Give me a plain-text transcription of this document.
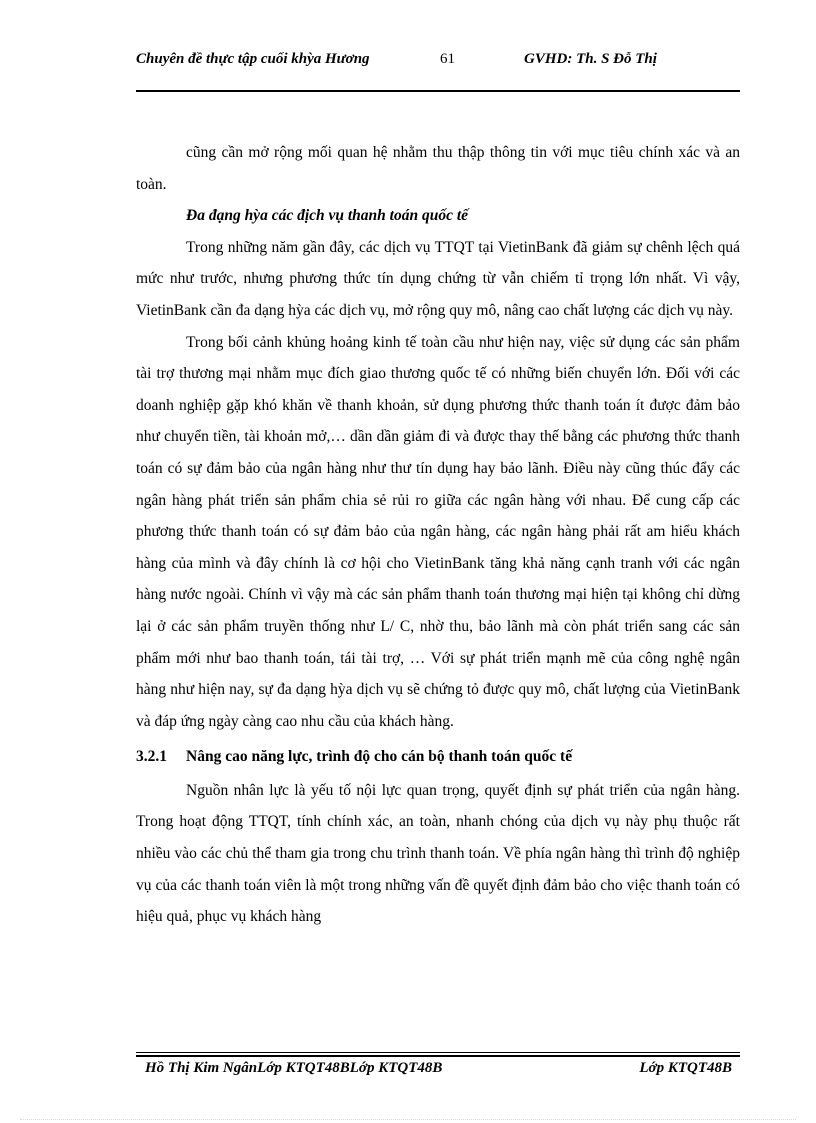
Chuyên đề thực tập cuối khỳa Hương	61	GVHD: Th. S Đỗ Thị

cũng cần mở rộng mối quan hệ nhằm thu thập thông tin với mục tiêu chính xác và an toàn.

Đa đạng hỳa các địch vụ thanh toán quốc tế

Trong những năm gần đây, các dịch vụ TTQT tại VietinBank đã giảm sự chênh lệch quá mức như trước, nhưng phương thức tín dụng chứng từ vẫn chiếm tỉ trọng lớn nhất. Vì vậy, VietinBank cần đa dạng hỳa các dịch vụ, mở rộng quy mô, nâng cao chất lượng các dịch vụ này.

Trong bối cảnh khủng hoảng kinh tế toàn cầu như hiện nay, việc sử dụng các sản phẩm tài trợ thương mại nhằm mục đích giao thương quốc tế có những biến chuyển lớn. Đối với các doanh nghiệp gặp khó khăn về thanh khoản, sử dụng phương thức thanh toán ít được đảm bảo như chuyển tiền, tài khoản mở,… dần dần giảm đi và được thay thế bằng các phương thức thanh toán có sự đảm bảo của ngân hàng như thư tín dụng hay bảo lãnh. Điều này cũng thúc đẩy các ngân hàng phát triển sản phẩm chia sẻ rủi ro giữa các ngân hàng với nhau. Để cung cấp các phương thức thanh toán có sự đảm bảo của ngân hàng, các ngân hàng phải rất am hiểu khách hàng của mình và đây chính là cơ hội cho VietinBank tăng khả năng cạnh tranh với các ngân hàng nước ngoài. Chính vì vậy mà các sản phẩm thanh toán thương mại hiện tại không chỉ dừng lại ở các sản phẩm truyền thống như L/ C, nhờ thu, bảo lãnh mà còn phát triển sang các sản phẩm mới như bao thanh toán, tái tài trợ, … Với sự phát triển mạnh mẽ của công nghệ ngân hàng như hiện nay, sự đa dạng hỳa dịch vụ sẽ chứng tỏ được quy mô, chất lượng của VietinBank và đáp ứng ngày càng cao nhu cầu của khách hàng.

3.2.1	Nâng cao năng lực, trình độ cho cán bộ thanh toán quốc tế

Nguồn nhân lực là yếu tố nội lực quan trọng, quyết định sự phát triển của ngân hàng. Trong hoạt động TTQT, tính chính xác, an toàn, nhanh chóng của dịch vụ này phụ thuộc rất nhiều vào các chủ thể tham gia trong chu trình thanh toán. Về phía ngân hàng thì trình độ nghiệp vụ của các thanh toán viên là một trong những vấn đề quyết định đảm bảo cho việc thanh toán có hiệu quả, phục vụ khách hàng

Hồ Thị Kim NgânLớp KTQT48BLớp KTQT48B	Lớp KTQT48B
